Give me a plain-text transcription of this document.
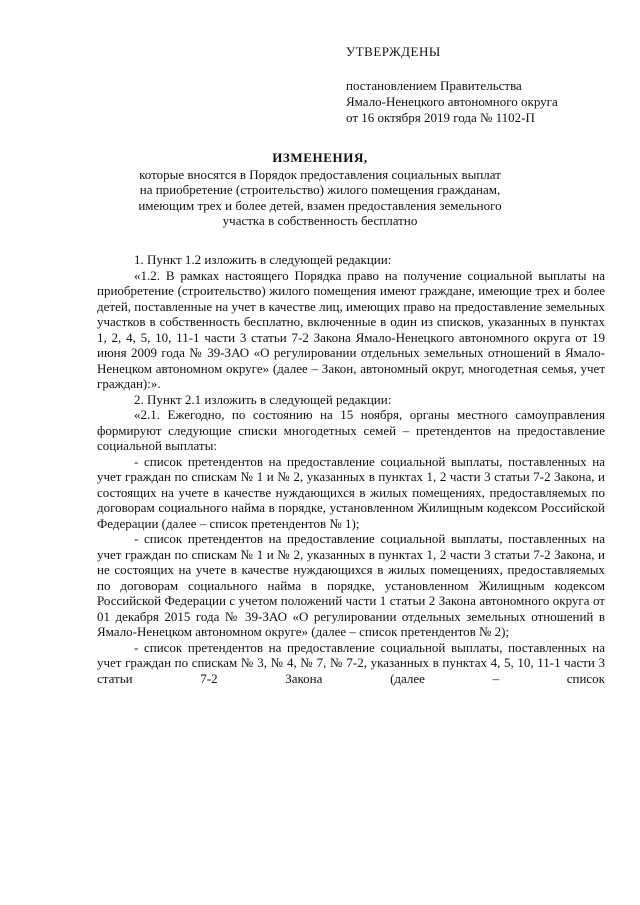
УТВЕРЖДЕНЫ
постановлением Правительства
Ямало-Ненецкого автономного округа
от 16 октября 2019 года № 1102-П
ИЗМЕНЕНИЯ,
которые вносятся в Порядок предоставления социальных выплат
на приобретение (строительство) жилого помещения гражданам,
имеющим трех и более детей, взамен предоставления земельного
участка в собственность бесплатно
1. Пункт 1.2 изложить в следующей редакции:
«1.2. В рамках настоящего Порядка право на получение социальной выплаты на приобретение (строительство) жилого помещения имеют граждане, имеющие трех и более детей, поставленные на учет в качестве лиц, имеющих право на предоставление земельных участков в собственность бесплатно, включенные в один из списков, указанных в пунктах 1, 2, 4, 5, 10, 11-1 части 3 статьи 7-2 Закона Ямало-Ненецкого автономного округа от 19 июня 2009 года № 39-ЗАО «О регулировании отдельных земельных отношений в Ямало-Ненецком автономном округе» (далее – Закон, автономный округ, многодетная семья, учет граждан):».
2. Пункт 2.1 изложить в следующей редакции:
«2.1. Ежегодно, по состоянию на 15 ноября, органы местного самоуправления формируют следующие списки многодетных семей – претендентов на предоставление социальной выплаты:
- список претендентов на предоставление социальной выплаты, поставленных на учет граждан по спискам № 1 и № 2, указанных в пунктах 1, 2 части 3 статьи 7-2 Закона, и состоящих на учете в качестве нуждающихся в жилых помещениях, предоставляемых по договорам социального найма в порядке, установленном Жилищным кодексом Российской Федерации (далее – список претендентов № 1);
- список претендентов на предоставление социальной выплаты, поставленных на учет граждан по спискам № 1 и № 2, указанных в пунктах 1, 2 части 3 статьи 7-2 Закона, и не состоящих на учете в качестве нуждающихся в жилых помещениях, предоставляемых по договорам социального найма в порядке, установленном Жилищным кодексом Российской Федерации с учетом положений части 1 статьи 2 Закона автономного округа от 01 декабря 2015 года № 39-ЗАО «О регулировании отдельных земельных отношений в Ямало-Ненецком автономном округе» (далее – список претендентов № 2);
- список претендентов на предоставление социальной выплаты, поставленных на учет граждан по спискам № 3, № 4, № 7, № 7-2, указанных в пунктах 4, 5, 10, 11-1 части 3 статьи 7-2 Закона (далее – список
